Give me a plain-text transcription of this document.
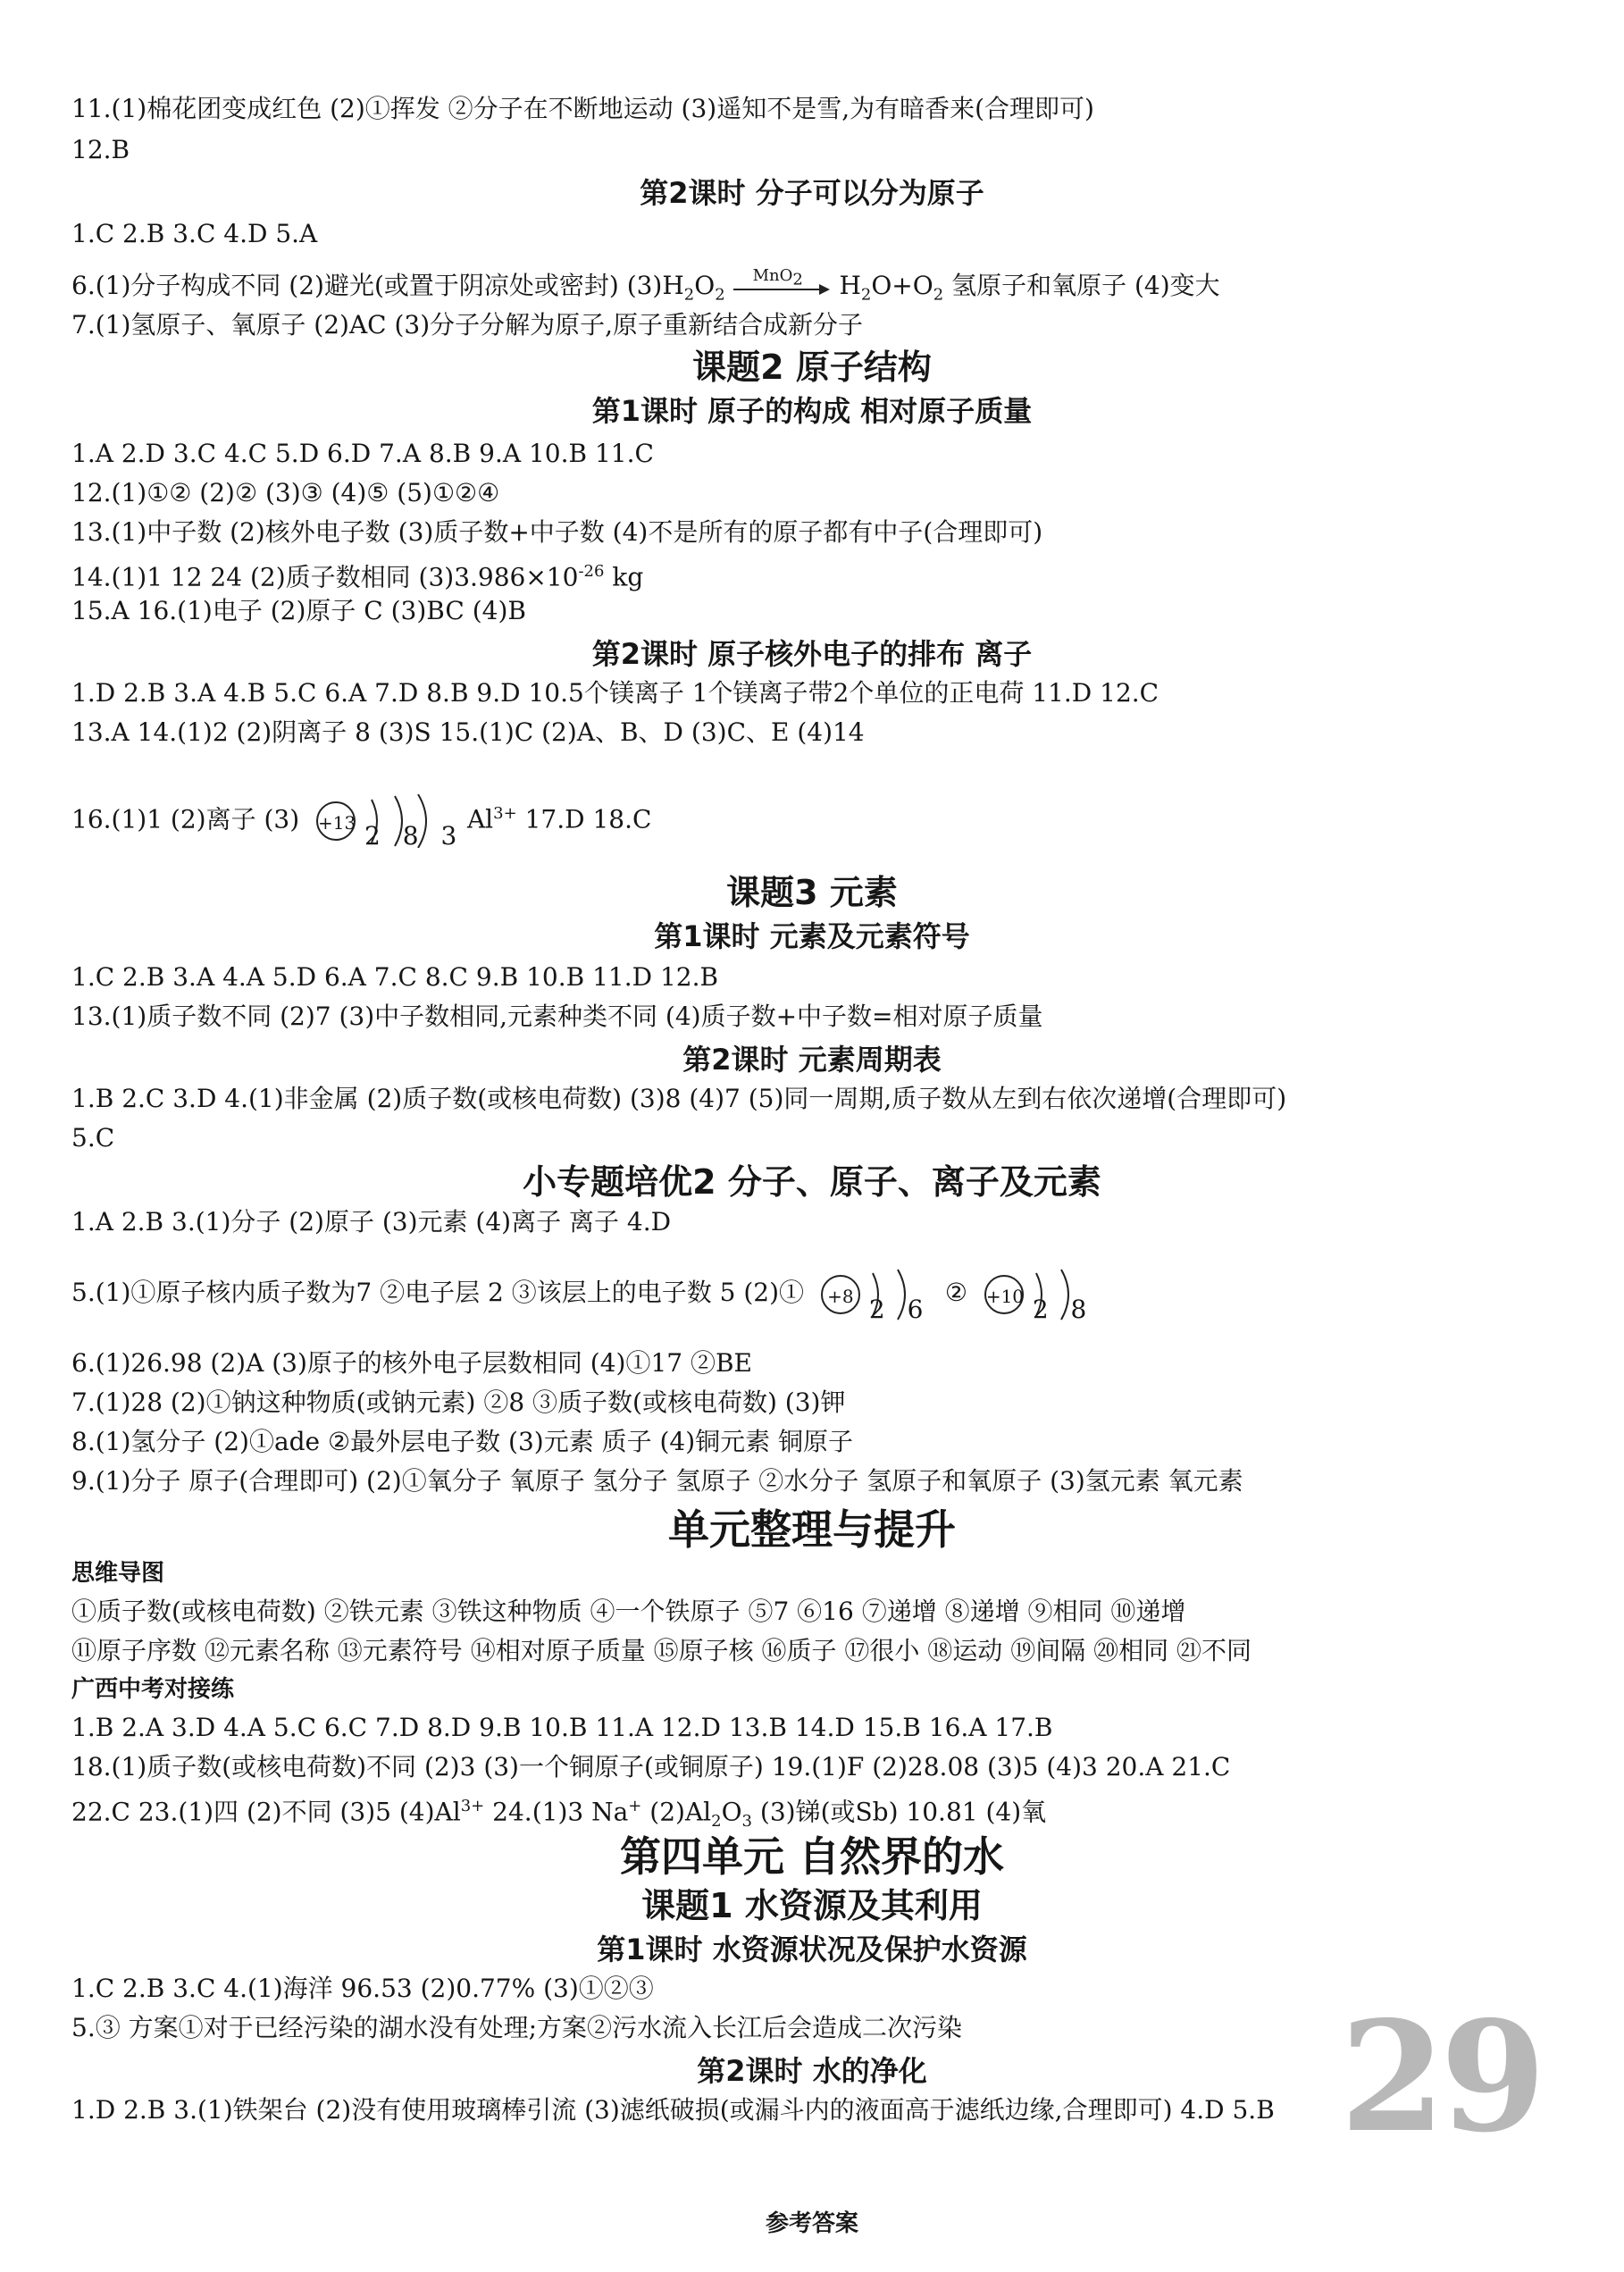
11.(1)棉花团变成红色 (2)①挥发 ②分子在不断地运动 (3)遥知不是雪,为有暗香来(合理即可)
12.B
第2课时 分子可以分为原子
1.C 2.B 3.C 4.D 5.A
6.(1)分子构成不同 (2)避光(或置于阴凉处或密封) $(3)H_2O_2$
MnO$_2$ $H_2O+O_2$ 氢原子和氧原子 (4)变大
7.(1)氢原子、氧原子 (2)AC (3)分子分解为原子,原子重新结合成新分子
课题2 原子结构
第1课时 原子的构成 相对原子质量
1.A 2.D 3.C 4.C 5.D 6.D 7.A 8.B 9.A 10.B 11.C
12.(1)①② (2)② (3)③ (4)⑤ (5)①②④
13.(1)中子数 (2)核外电子数 (3)质子数+中子数 (4)不是所有的原子都有中子(合理即可)
14.(1)1 12 24 (2)质子数相同 $(3)3.986\times 10^{-26}$ kg
15.A 16.(1)电子 (2)原子 C (3)BC (4)B
第2课时 原子核外电子的排布 离子
1.D 2.B 3.A 4.B 5.C 6.A 7.D 8.B 9.D 10.5个镁离子 1个镁离子带2个单位的正电荷 11.D 12.C
13.A 14.(1)2 (2)阴离子 8 (3)S 15.(1)C (2)A、B、D (3)C、E (4)14
16.(1)1 (2)离子 (3) +13 2 8 3
$Al^{3+}$ 17.D 18.C
课题3 元素
第1课时 元素及元素符号
1.C 2.B 3.A 4.A 5.D 6.A 7.C 8.C 9.B 10.B 11.D 12.B
13.(1)质子数不同 (2)7 (3)中子数相同,元素种类不同 (4)质子数+中子数=相对原子质量
第2课时 元素周期表
1.B 2.C 3.D 4.(1)非金属 (2)质子数(或核电荷数) (3)8 (4)7 (5)同一周期,质子数从左到右依次递增(合理即可)
5.C
小专题培优2 分子、原子、离子及元素
1.A 2.B 3.(1)分子 (2)原子 (3)元素 (4)离子 离子 4.D
5.(1)①原子核内质子数为7 ②电子层 2 ③该层上的电子数 5 (2)①	+8 2 6
② +10 2 8
6.(1)26.98 (2)A (3)原子的核外电子层数相同 (4)①17 ②BE
7.(1)28 (2)①钠这种物质(或钠元素) ②8 ③质子数(或核电荷数) (3)钾
8.(1)氢分子 (2)①ade ②最外层电子数 (3)元素 质子 (4)铜元素 铜原子
9.(1)分子 原子(合理即可) (2)①氧分子 氧原子 氢分子 氢原子 ②水分子 氢原子和氧原子 (3)氢元素 氧元素
单元整理与提升
思维导图
①质子数(或核电荷数) ②铁元素 ③铁这种物质 ④一个铁原子 ⑤7 ⑥16 ⑦递增 ⑧递增 ⑨相同 ⑩递增
⑪原子序数 ⑫元素名称 ⑬元素符号 ⑭相对原子质量 ⑮原子核 ⑯质子 ⑰很小 ⑱运动 ⑲间隔 ⑳相同 ㉑不同
广西中考对接练
1.B 2.A 3.D 4.A 5.C 6.C 7.D 8.D 9.B 10.B 11.A 12.D 13.B 14.D 15.B 16.A 17.B
18.(1)质子数(或核电荷数)不同 (2)3 (3)一个铜原子(或铜原子) 19.(1)F (2)28.08 (3)5 (4)3 20.A 21.C
22.C 23.(1)四 (2)不同 (3)5 $(4)Al^{3+}$ 24.(1)3 Na+ $(2)Al_2O_3$ (3)锑(或Sb) 10.81 (4)氧
第四单元 自然界的水
课题1 水资源及其利用
第1课时 水资源状况及保护水资源
1.C 2.B 3.C 4.(1)海洋 96.53 (2)0.77% (3)①②③
5.③ 方案①对于已经污染的湖水没有处理;方案②污水流入长江后会造成二次污染
第2课时 水的净化
1.D 2.B 3.(1)铁架台 (2)没有使用玻璃棒引流 (3)滤纸破损(或漏斗内的液面高于滤纸边缘,合理即可) 4.D 5.B 29
参考答案
